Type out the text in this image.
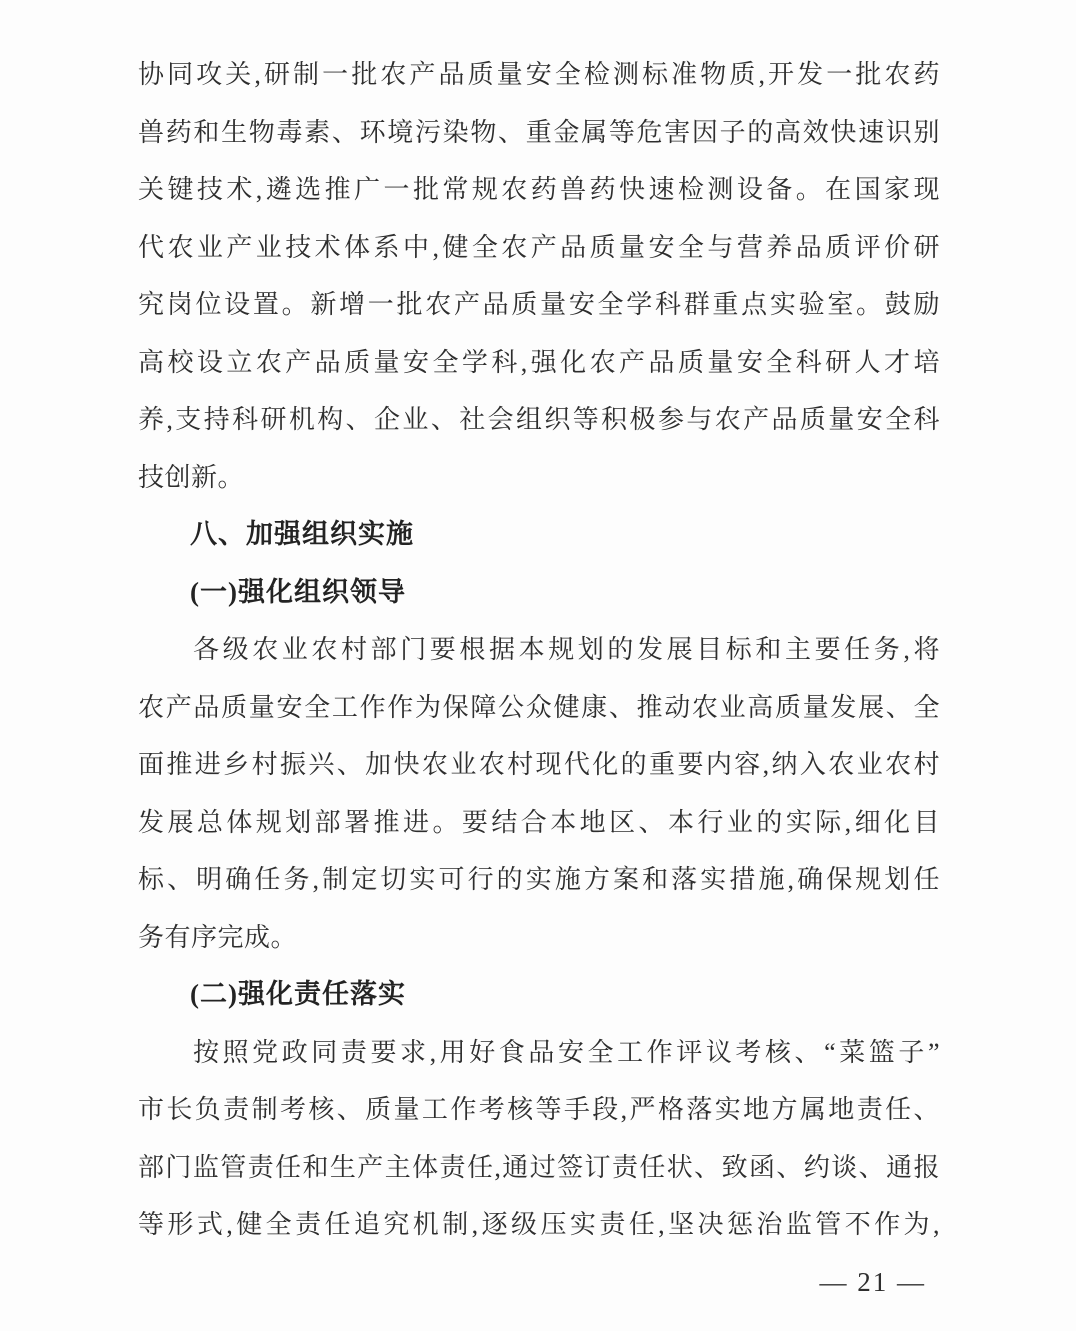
协同攻关,研制一批农产品质量安全检测标准物质,开发一批农药

兽药和生物毒素、环境污染物、重金属等危害因子的高效快速识别

关键技术,遴选推广一批常规农药兽药快速检测设备。在国家现

代农业产业技术体系中,健全农产品质量安全与营养品质评价研

究岗位设置。新增一批农产品质量安全学科群重点实验室。鼓励

高校设立农产品质量安全学科,强化农产品质量安全科研人才培

养,支持科研机构、企业、社会组织等积极参与农产品质量安全科

技创新。

八、加强组织实施
(一)强化组织领导

各级农业农村部门要根据本规划的发展目标和主要任务,将

农产品质量安全工作作为保障公众健康、推动农业高质量发展、全

面推进乡村振兴、加快农业农村现代化的重要内容,纳入农业农村

发展总体规划部署推进。要结合本地区、本行业的实际,细化目

标、明确任务,制定切实可行的实施方案和落实措施,确保规划任

务有序完成。

(二)强化责任落实

按照党政同责要求,用好食品安全工作评议考核、“菜篮子”

市长负责制考核、质量工作考核等手段,严格落实地方属地责任、

部门监管责任和生产主体责任,通过签订责任状、致函、约谈、通报

等形式,健全责任追究机制,逐级压实责任,坚决惩治监管不作为,

— 21 —
